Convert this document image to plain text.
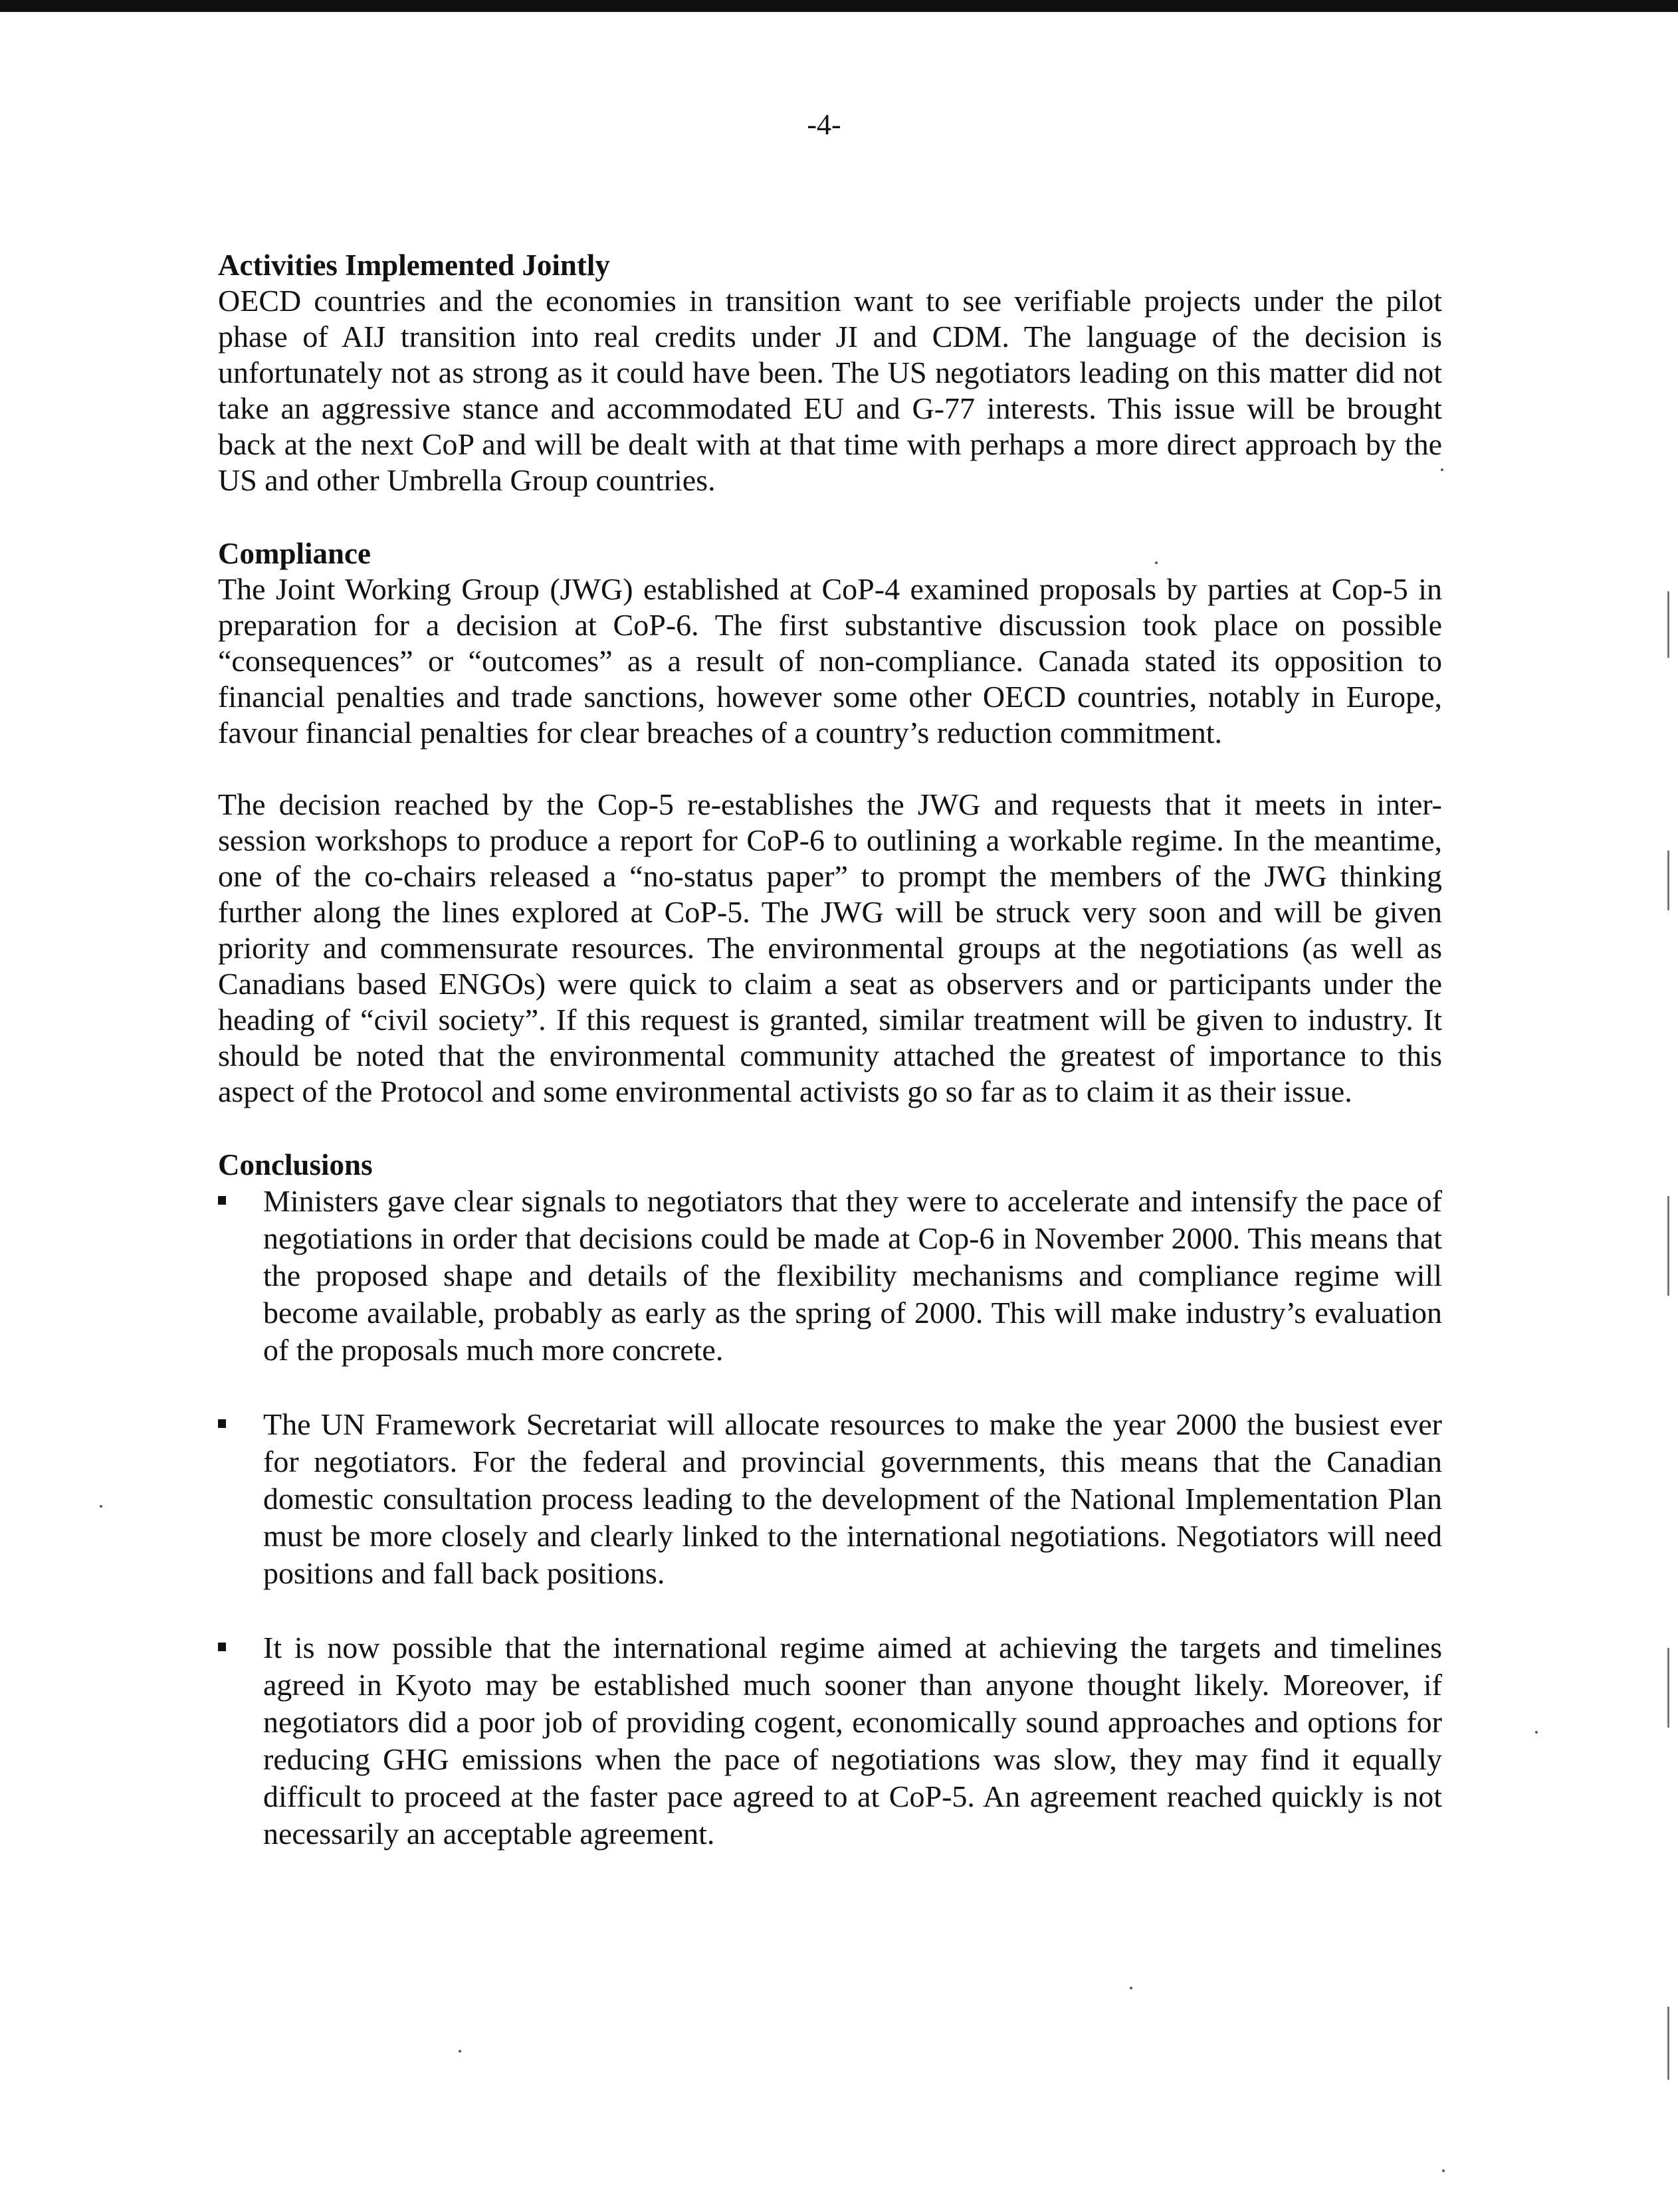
-4-
Activities Implemented Jointly

OECD countries and the economies in transition want to see verifiable projects under the pilot phase of AIJ transition into real credits under JI and CDM. The language of the decision is unfortunately not as strong as it could have been. The US negotiators leading on this matter did not take an aggressive stance and accommodated EU and G-77 interests. This issue will be brought back at the next CoP and will be dealt with at that time with perhaps a more direct approach by the US and other Umbrella Group countries.

Compliance

The Joint Working Group (JWG) established at CoP-4 examined proposals by parties at Cop-5 in preparation for a decision at CoP-6. The first substantive discussion took place on possible “consequences” or “outcomes” as a result of non-compliance. Canada stated its opposition to financial penalties and trade sanctions, however some other OECD countries, notably in Europe, favour financial penalties for clear breaches of a country’s reduction commitment.

The decision reached by the Cop-5 re-establishes the JWG and requests that it meets in inter-session workshops to produce a report for CoP-6 to outlining a workable regime. In the meantime, one of the co-chairs released a “no-status paper” to prompt the members of the JWG thinking further along the lines explored at CoP-5. The JWG will be struck very soon and will be given priority and commensurate resources. The environmental groups at the negotiations (as well as Canadians based ENGOs) were quick to claim a seat as observers and or participants under the heading of “civil society”. If this request is granted, similar treatment will be given to industry. It should be noted that the environmental community attached the greatest of importance to this aspect of the Protocol and some environmental activists go so far as to claim it as their issue.

Conclusions
Ministers gave clear signals to negotiators that they were to accelerate and intensify the pace of negotiations in order that decisions could be made at Cop-6 in November 2000. This means that the proposed shape and details of the flexibility mechanisms and compliance regime will become available, probably as early as the spring of 2000. This will make industry’s evaluation of the proposals much more concrete.
The UN Framework Secretariat will allocate resources to make the year 2000 the busiest ever for negotiators. For the federal and provincial governments, this means that the Canadian domestic consultation process leading to the development of the National Implementation Plan must be more closely and clearly linked to the international negotiations. Negotiators will need positions and fall back positions.
It is now possible that the international regime aimed at achieving the targets and timelines agreed in Kyoto may be established much sooner than anyone thought likely. Moreover, if negotiators did a poor job of providing cogent, economically sound approaches and options for reducing GHG emissions when the pace of negotiations was slow, they may find it equally difficult to proceed at the faster pace agreed to at CoP-5. An agreement reached quickly is not necessarily an acceptable agreement.
